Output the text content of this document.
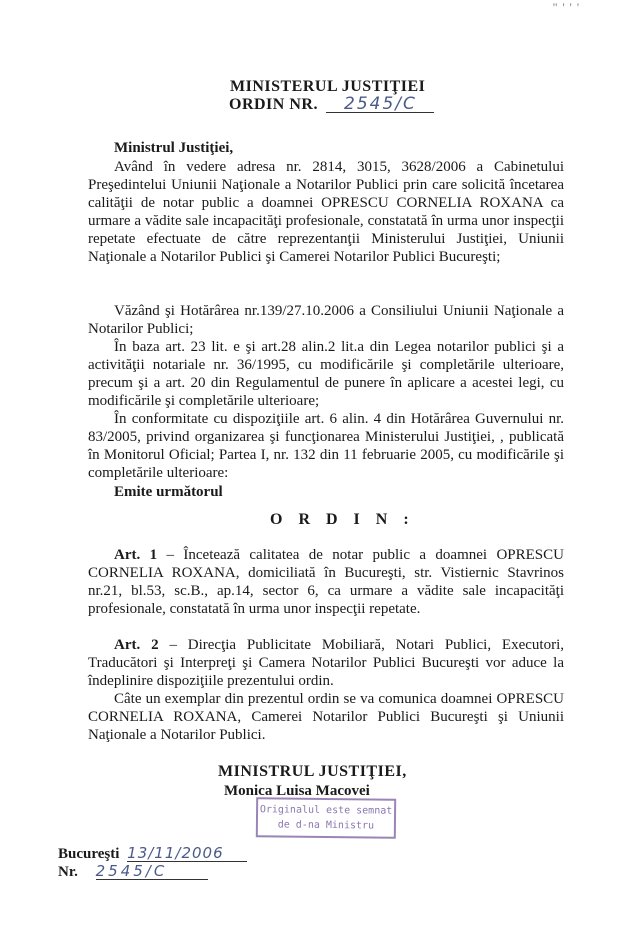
" ' ' '
MINISTERUL JUSTIŢIEI
ORDIN NR. 2545/C
Ministrul Justiţiei,

Având în vedere adresa nr. 2814, 3015, 3628/2006 a Cabinetului Preşedintelui Uniunii Naţionale a Notarilor Publici prin care solicită încetarea calităţii de notar public a doamnei OPRESCU CORNELIA ROXANA ca urmare a vădite sale incapacităţi profesionale, constatată în urma unor inspecţii repetate efectuate de către reprezentanţii Ministerului Justiţiei, Uniunii Naţionale a Notarilor Publici şi Camerei Notarilor Publici Bucureşti;

Văzând şi Hotărârea nr.139/27.10.2006 a Consiliului Uniunii Naţionale a Notarilor Publici;

În baza art. 23 lit. e şi art.28 alin.2 lit.a din Legea notarilor publici şi a activităţii notariale nr. 36/1995, cu modificările şi completările ulterioare, precum şi a art. 20 din Regulamentul de punere în aplicare a acestei legi, cu modificările şi completările ulterioare;

În conformitate cu dispoziţiile art. 6 alin. 4 din Hotărârea Guvernului nr. 83/2005, privind organizarea şi funcţionarea Ministerului Justiţiei, , publicată în Monitorul Oficial; Partea I, nr. 132 din 11 februarie 2005, cu modificările şi completările ulterioare:

Emite următorul
O R D I N :

Art. 1 – Încetează calitatea de notar public a doamnei OPRESCU CORNELIA ROXANA, domiciliată în Bucureşti, str. Vistiernic Stavrinos nr.21, bl.53, sc.B., ap.14, sector 6, ca urmare a vădite sale incapacităţi profesionale, constatată în urma unor inspecţii repetate.

Art. 2 – Direcţia Publicitate Mobiliară, Notari Publici, Executori, Traducători şi Interpreţi şi Camera Notarilor Publici Bucureşti vor aduce la îndeplinire dispoziţiile prezentului ordin.

Câte un exemplar din prezentul ordin se va comunica doamnei OPRESCU CORNELIA ROXANA, Camerei Notarilor Publici Bucureşti şi Uniunii Naţionale a Notarilor Publici.

MINISTRUL JUSTIŢIEI,
Monica Luisa Macovei
Originalul este semnat
de d-na Ministru
Bucureşti 13/11/2006
Nr. 2545/C
